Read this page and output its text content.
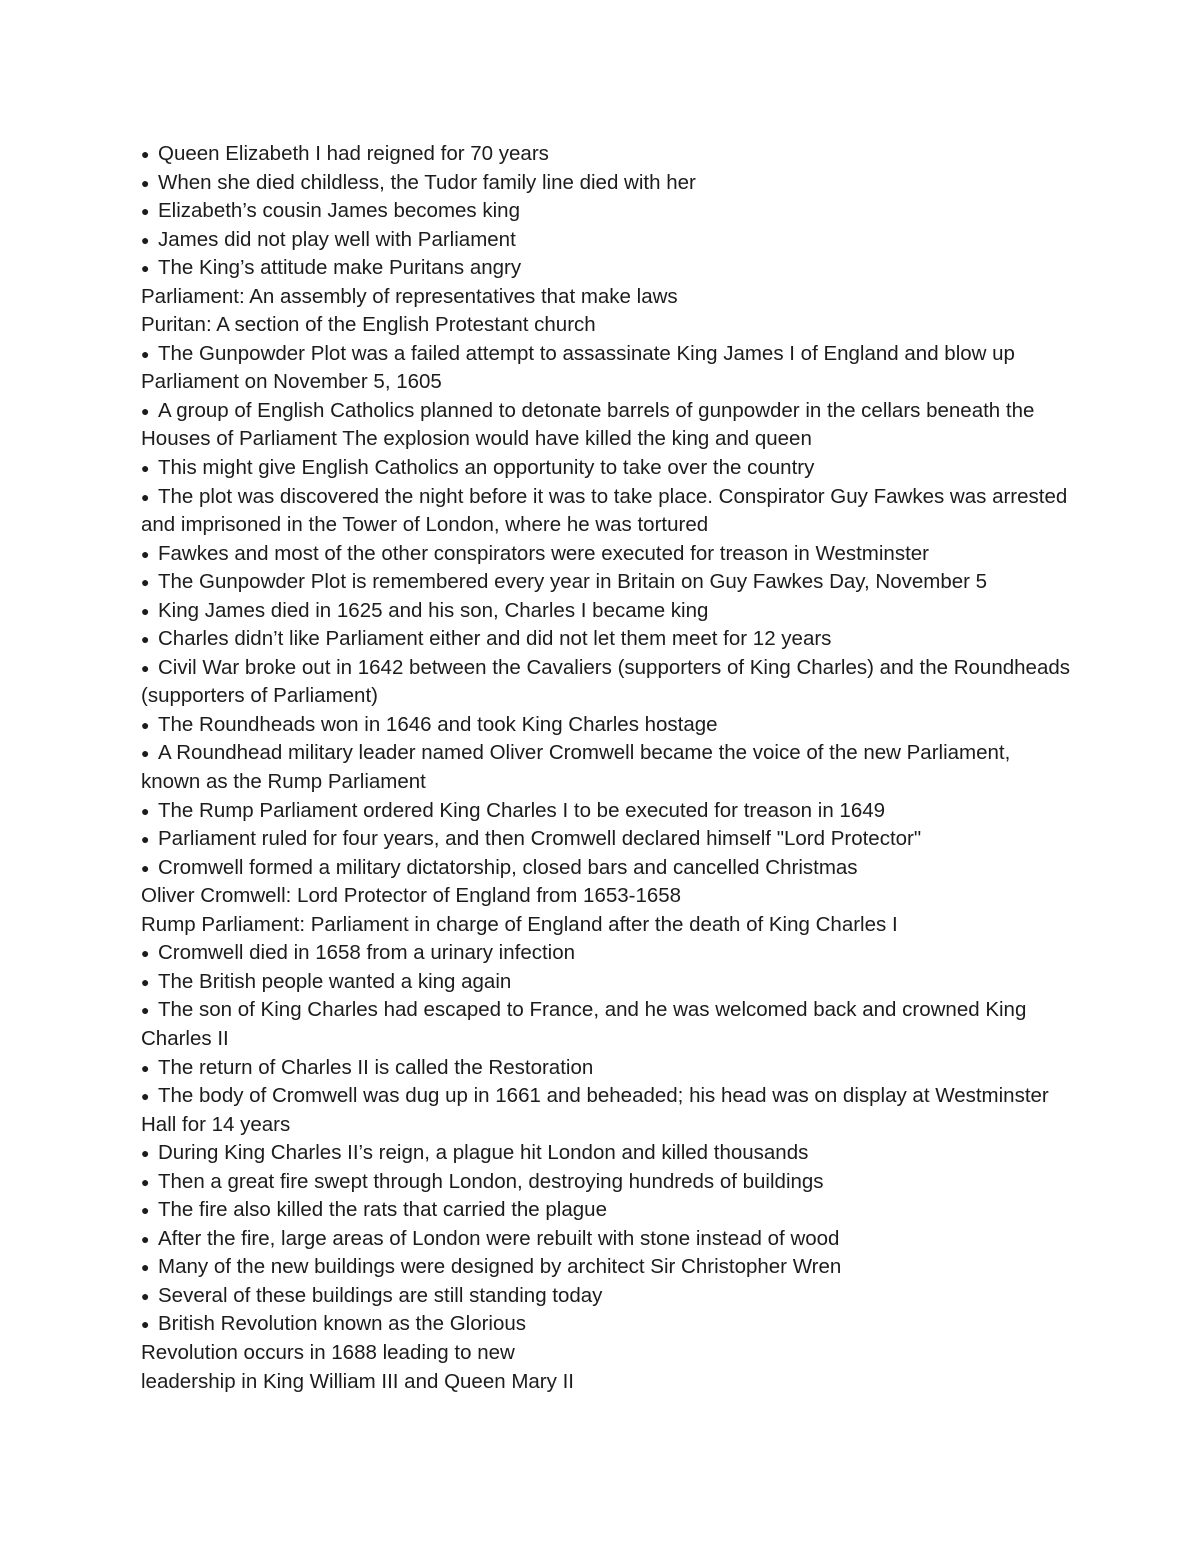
● Queen Elizabeth I had reigned for 70 years

● When she died childless, the Tudor family line died with her

● Elizabeth’s cousin James becomes king

● James did not play well with Parliament

● The King’s attitude make Puritans angry

Parliament: An assembly of representatives that make laws

Puritan: A section of the English Protestant church

● The Gunpowder Plot was a failed attempt to assassinate King James I of England and blow up Parliament on November 5, 1605

● A group of English Catholics planned to detonate barrels of gunpowder in the cellars beneath the Houses of Parliament The explosion would have killed the king and queen

● This might give English Catholics an opportunity to take over the country

● The plot was discovered the night before it was to take place. Conspirator Guy Fawkes was arrested and imprisoned in the Tower of London, where he was tortured

● Fawkes and most of the other conspirators were executed for treason in Westminster

● The Gunpowder Plot is remembered every year in Britain on Guy Fawkes Day, November 5

● King James died in 1625 and his son, Charles I became king

● Charles didn’t like Parliament either and did not let them meet for 12 years

● Civil War broke out in 1642 between the Cavaliers (supporters of King Charles) and the Roundheads (supporters of Parliament)

● The Roundheads won in 1646 and took King Charles hostage

● A Roundhead military leader named Oliver Cromwell became the voice of the new Parliament, known as the Rump Parliament

● The Rump Parliament ordered King Charles I to be executed for treason in 1649

● Parliament ruled for four years, and then Cromwell declared himself "Lord Protector"

● Cromwell formed a military dictatorship, closed bars and cancelled Christmas

Oliver Cromwell: Lord Protector of England from 1653-1658

Rump Parliament: Parliament in charge of England after the death of King Charles I

● Cromwell died in 1658 from a urinary infection

● The British people wanted a king again

● The son of King Charles had escaped to France, and he was welcomed back and crowned King Charles II

● The return of Charles II is called the Restoration

● The body of Cromwell was dug up in 1661 and beheaded; his head was on display at Westminster Hall for 14 years

● During King Charles II’s reign, a plague hit London and killed thousands

● Then a great fire swept through London, destroying hundreds of buildings

● The fire also killed the rats that carried the plague

● After the fire, large areas of London were rebuilt with stone instead of wood

● Many of the new buildings were designed by architect Sir Christopher Wren

● Several of these buildings are still standing today

● British Revolution known as the Glorious

Revolution occurs in 1688 leading to new

leadership in King William III and Queen Mary II
